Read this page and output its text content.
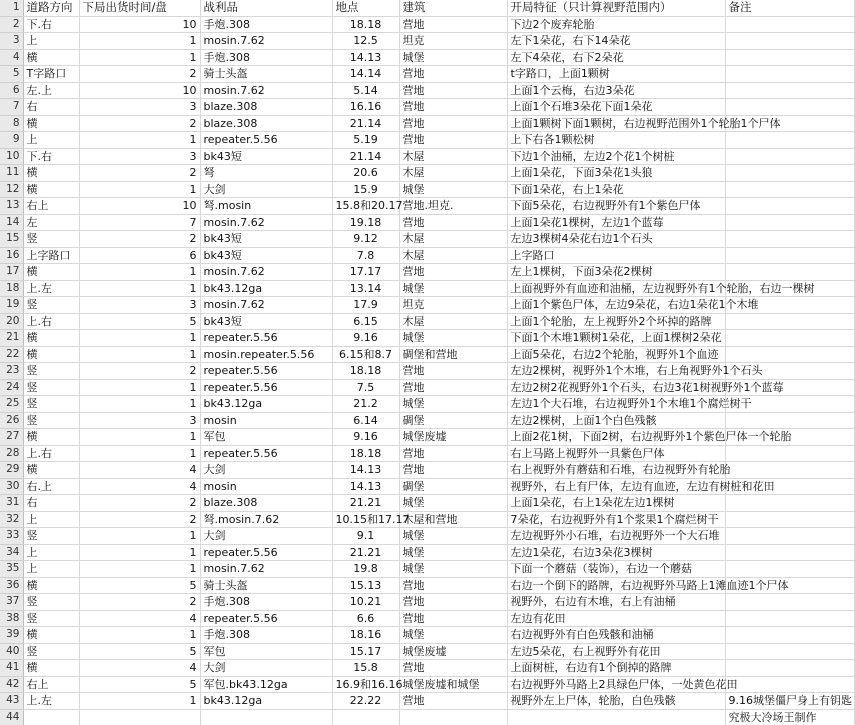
1	道路方向	下局出货时间/盘	战利品	地点	建筑	开局特征（只计算视野范围内）	备注
2	下.右	10	手炮.308	18.18	营地	下边2个废弃轮胎	
3	上	1	mosin.7.62	12.5	坦克	左下1朵花，右下14朵花	
4	横	1	手炮.308	14.13	城堡	左下4朵花，右下2朵花	
5	T字路口	2	骑士头盔	14.14	营地	t字路口，上面1颗树	
6	左.上	10	mosin.7.62	5.14	营地	上面1个云梅，右边3朵花	
7	右	3	blaze.308	16.16	营地	上面1个石堆3朵花下面1朵花	
8	横	2	blaze.308	21.14	营地	上面1颗树下面1颗树，右边视野范围外1个轮胎1个尸体	
9	上	1	repeater.5.56	5.19	营地	上下右各1颗松树	
10	下.右	3	bk43短	21.14	木屋	下边1个油桶，左边2个花1个树桩	
11	横	2	弩	20.6	木屋	上面1朵花，下面3朵花1头狼	
12	横	1	大剑	15.9	城堡	下面1朵花，右上1朵花	
13	右上	10	弩.mosin	15.8和20.17	营地.坦克.	下面5朵花，右边视野外有1个紫色尸体	
14	左	7	mosin.7.62	19.18	营地	上面1朵花1棵树，左边1个蓝莓	
15	竖	2	bk43短	9.12	木屋	左边3棵树4朵花右边1个石头	
16	上字路口	6	bk43短	7.8	木屋	上字路口	
17	横	1	mosin.7.62	17.17	营地	左上1棵树，下面3朵花2棵树	
18	上.左	1	bk43.12ga	13.14	城堡	上面视野外有血迹和油桶，左边视野外有1个轮胎，右边一棵树	
19	竖	3	mosin.7.62	17.9	坦克	上面1个紫色尸体，左边9朵花，右边1朵花1个木堆	
20	上.右	5	bk43短	6.15	木屋	上面1个轮胎，左上视野外2个坏掉的路牌	
21	横	1	repeater.5.56	9.16	城堡	下面1个木堆1颗树1朵花，上面1棵树2朵花	
22	横	1	mosin.repeater.5.56	6.15和8.7	碉堡和营地	上面5朵花，右边2个轮胎，视野外1个血迹	
23	竖	2	repeater.5.56	18.18	营地	左边2棵树，视野外1个木堆，右上角视野外1个石头	
24	竖	1	repeater.5.56	7.5	营地	左边2树2花视野外1个石头，右边3花1树视野外1个蓝莓	
25	竖	1	bk43.12ga	21.2	城堡	左边1个大石堆，右边视野外1个木堆1个腐烂树干	
26	竖	3	mosin	6.14	碉堡	左边2棵树，上面1个白色残骸	
27	横	1	军包	9.16	城堡废墟	上面2花1树，下面2树，右边视野外1个紫色尸体一个轮胎	
28	上.右	1	repeater.5.56	18.18	营地	右上马路上视野外一具紫色尸体	
29	横	4	大剑	14.13	营地	右上视野外有蘑菇和石堆，右边视野外有轮胎	
30	右.上	4	mosin	14.13	碉堡	视野外，右上有尸体，左边有血迹，左边有树桩和花田	
31	右	2	blaze.308	21.21	城堡	上面1朵花，右上1朵花左边1棵树	
32	上	2	弩.mosin.7.62	10.15和17.17	木屋和营地	7朵花，右边视野外有1个浆果1个腐烂树干	
33	竖	1	大剑	9.1	城堡	左边视野外小石堆，右边视野外一个大石堆	
34	上	1	repeater.5.56	21.21	城堡	左边1朵花，右边3朵花3棵树	
35	上	1	mosin.7.62	19.8	城堡	下面一个蘑菇（装饰），右边一个蘑菇	
36	横	5	骑士头盔	15.13	营地	右边一个倒下的路牌，右边视野外马路上1滩血迹1个尸体	
37	竖	2	手炮.308	10.21	营地	视野外，右边有木堆，右上有油桶	
38	竖	4	repeater.5.56	6.6	营地	左边有花田	
39	横	1	手炮.308	18.16	城堡	右边视野外有白色残骸和油桶	
40	竖	5	军包	15.17	城堡废墟	左边5朵花，右上视野外有花田	
41	横	4	大剑	15.8	营地	上面树桩，右边有1个倒掉的路牌	
42	右上	5	军包.bk43.12ga	16.9和16.16	城堡废墟和城堡	右边视野外马路上2具绿色尸体，一处黄色花田	
43	上.左	1	bk43.12ga	22.22	营地	视野外左上尸体，轮胎，白色残骸	9.16城堡僵尸身上有钥匙
44							究极大冷场王制作
